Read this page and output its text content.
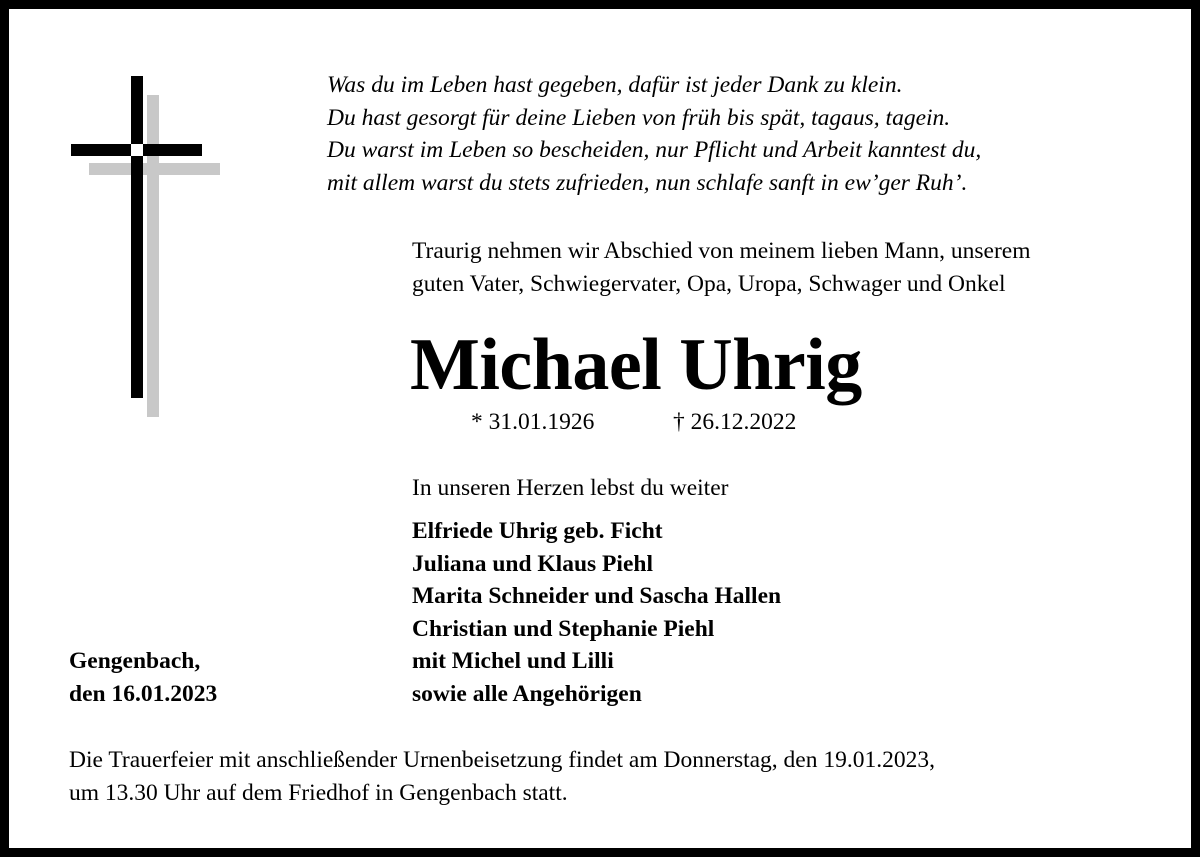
Was du im Leben hast gegeben, dafür ist jeder Dank zu klein.
Du hast gesorgt für deine Lieben von früh bis spät, tagaus, tagein.
Du warst im Leben so bescheiden, nur Pflicht und Arbeit kanntest du,
mit allem warst du stets zufrieden, nun schlafe sanft in ew’ger Ruh’.
Traurig nehmen wir Abschied von meinem lieben Mann, unserem
guten Vater, Schwiegervater, Opa, Uropa, Schwager und Onkel
Michael Uhrig
* 31.01.1926	† 26.12.2022
In unseren Herzen lebst du weiter
Elfriede Uhrig geb. Ficht
Juliana und Klaus Piehl
Marita Schneider und Sascha Hallen
Christian und Stephanie Piehl
mit Michel und Lilli
sowie alle Angehörigen
Gengenbach,
den 16.01.2023
Die Trauerfeier mit anschließender Urnenbeisetzung findet am Donnerstag, den 19.01.2023,
um 13.30 Uhr auf dem Friedhof in Gengenbach statt.
